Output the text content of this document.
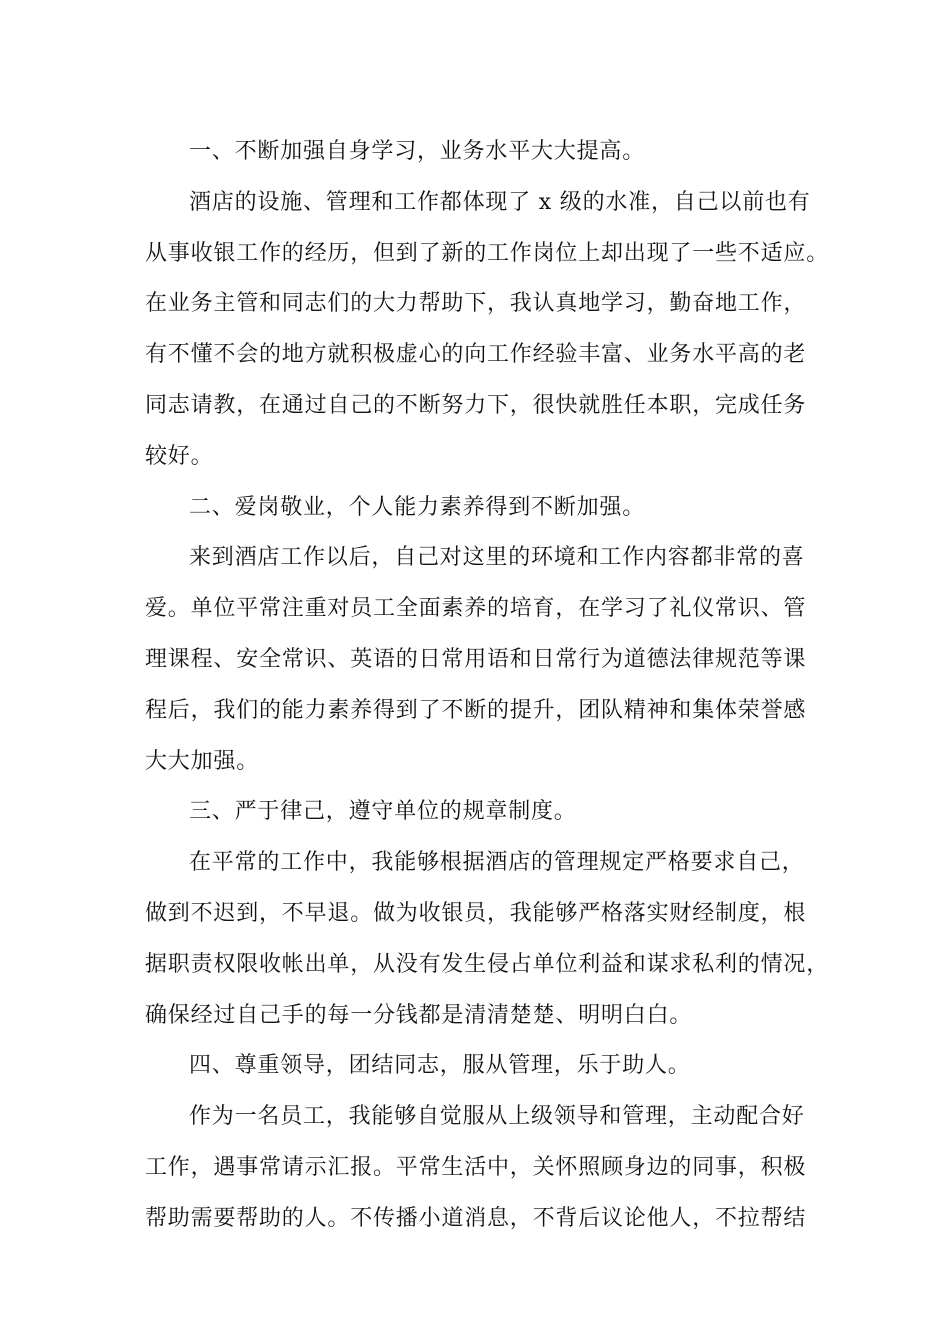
一、不断加强自身学习，业务水平大大提高。

酒店的设施、管理和工作都体现了 x 级的水准，自己以前也有
从事收银工作的经历，但到了新的工作岗位上却出现了一些不适应。
在业务主管和同志们的大力帮助下，我认真地学习，勤奋地工作，
有不懂不会的地方就积极虚心的向工作经验丰富、业务水平高的老
同志请教，在通过自己的不断努力下，很快就胜任本职，完成任务
较好。

二、爱岗敬业，个人能力素养得到不断加强。

来到酒店工作以后，自己对这里的环境和工作内容都非常的喜
爱。单位平常注重对员工全面素养的培育，在学习了礼仪常识、管
理课程、安全常识、英语的日常用语和日常行为道德法律规范等课
程后，我们的能力素养得到了不断的提升，团队精神和集体荣誉感
大大加强。

三、严于律己，遵守单位的规章制度。

在平常的工作中，我能够根据酒店的管理规定严格要求自己，
做到不迟到，不早退。做为收银员，我能够严格落实财经制度，根
据职责权限收帐出单，从没有发生侵占单位利益和谋求私利的情况，
确保经过自己手的每一分钱都是清清楚楚、明明白白。

四、尊重领导，团结同志，服从管理，乐于助人。

作为一名员工，我能够自觉服从上级领导和管理，主动配合好
工作，遇事常请示汇报。平常生活中，关怀照顾身边的同事，积极
帮助需要帮助的人。不传播小道消息，不背后议论他人，不拉帮结
